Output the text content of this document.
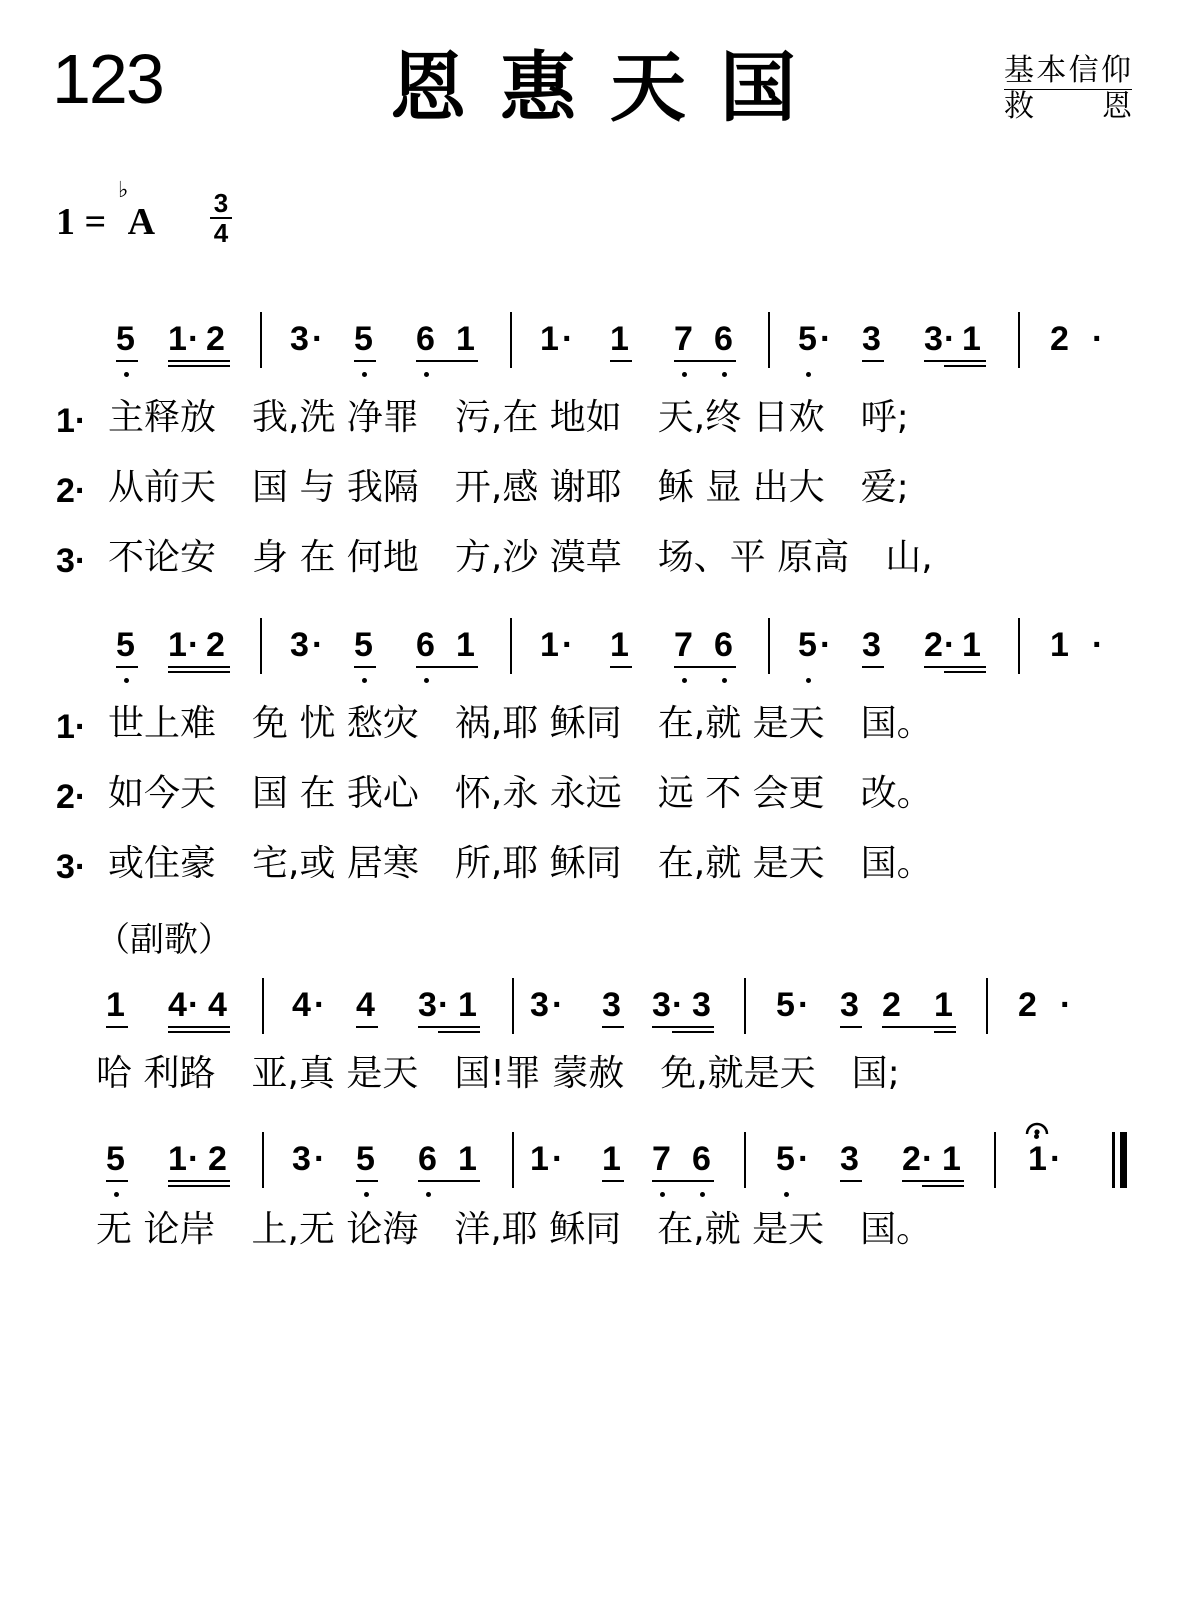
123	恩惠天国	基本信仰
救　　恩
1 = A
♭	3
4
5 1 · 2 3 · 5 6 1 1 · 1 7 6 5 · 3 3 · 1 2 ·
1· 主释放　我,洗 净罪　污,在 地如　天,终 日欢　呼;
2· 从前天　国 与 我隔　开,感 谢耶　稣 显 出大　爱;
3· 不论安　身 在 何地　方,沙 漠草　场、平 原高　山,
5 1 · 2 3 · 5 6 1 1 · 1 7 6 5 · 3 2 · 1 1 ·
1· 世上难　免 忧 愁灾　祸,耶 稣同　在,就 是天　国。
2· 如今天　国 在 我心　怀,永 永远　远 不 会更　改。
3· 或住豪　宅,或 居寒　所,耶 稣同　在,就 是天　国。
（副歌）
1 4 · 4 4 · 4 3 · 1 3 · 3 3 · 3 5 · 3 2 1 2 ·
哈 利路　亚,真 是天　国!罪 蒙赦　免,就是天　国;
5 1 · 2 3 · 5 6 1 1 · 1 7 6 5 · 3 2 · 1 1 ·
无 论岸　上,无 论海　洋,耶 稣同　在,就 是天　国。
